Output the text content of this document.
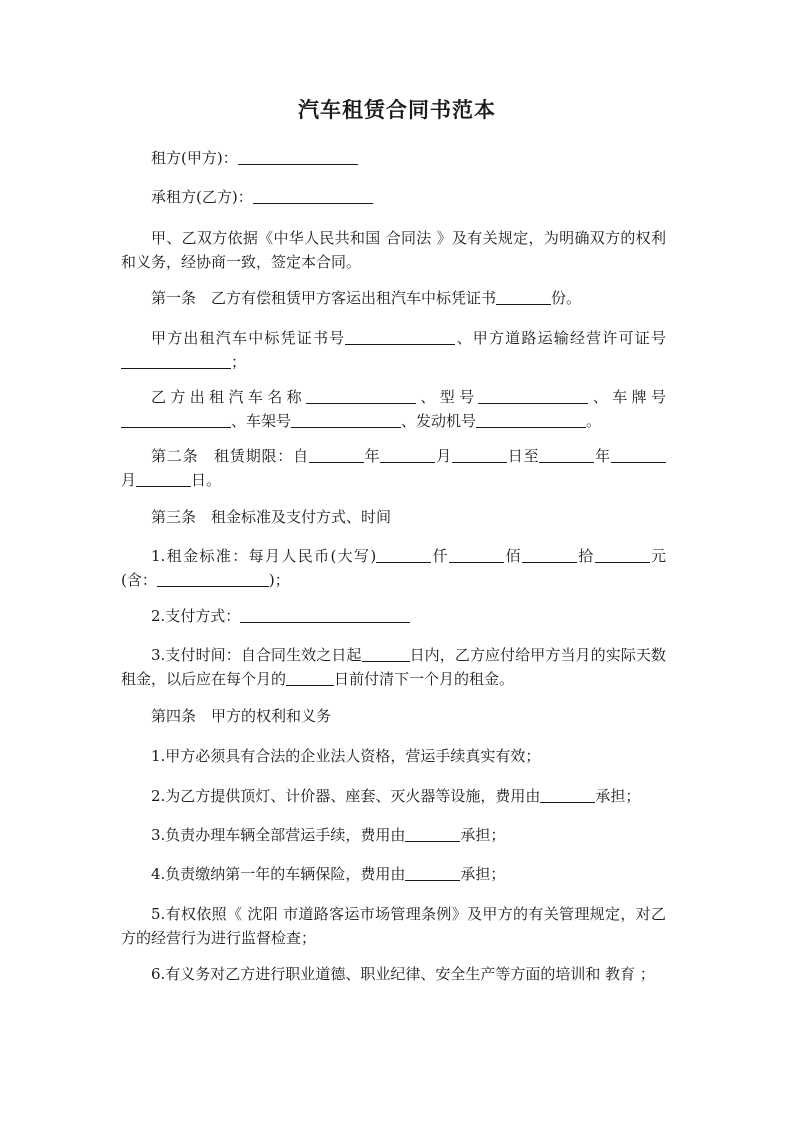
汽车租赁合同书范本

租方(甲方)：

承租方(乙方)：

甲、乙双方依据《中华人民共和国 合同法 》及有关规定，为明确双方的权利和义务，经协商一致，签定本合同。

第一条　乙方有偿租赁甲方客运出租汽车中标凭证书	份。

甲方出租汽车中标凭证书号	、甲方道路运输经营许可证号；

乙方出租汽车名称	、型号	、车牌号、车架号	、发动机号	。

第二条　租赁期限：自	年	月	日至	年月	日。

第三条　租金标准及支付方式、时间

1.租金标准：每月人民币(大写)	仟	佰	拾	元(含：	)；

2.支付方式：

3.支付时间：自合同生效之日起	日内，乙方应付给甲方当月的实际天数租金，以后应在每个月的	日前付清下一个月的租金。

第四条　甲方的权利和义务

1.甲方必须具有合法的企业法人资格，营运手续真实有效；

2.为乙方提供顶灯、计价器、座套、灭火器等设施，费用由	承担；

3.负责办理车辆全部营运手续，费用由	承担；

4.负责缴纳第一年的车辆保险，费用由	承担；

5.有权依照《 沈阳 市道路客运市场管理条例》及甲方的有关管理规定，对乙方的经营行为进行监督检查；

6.有义务对乙方进行职业道德、职业纪律、安全生产等方面的培训和 教育 ；
